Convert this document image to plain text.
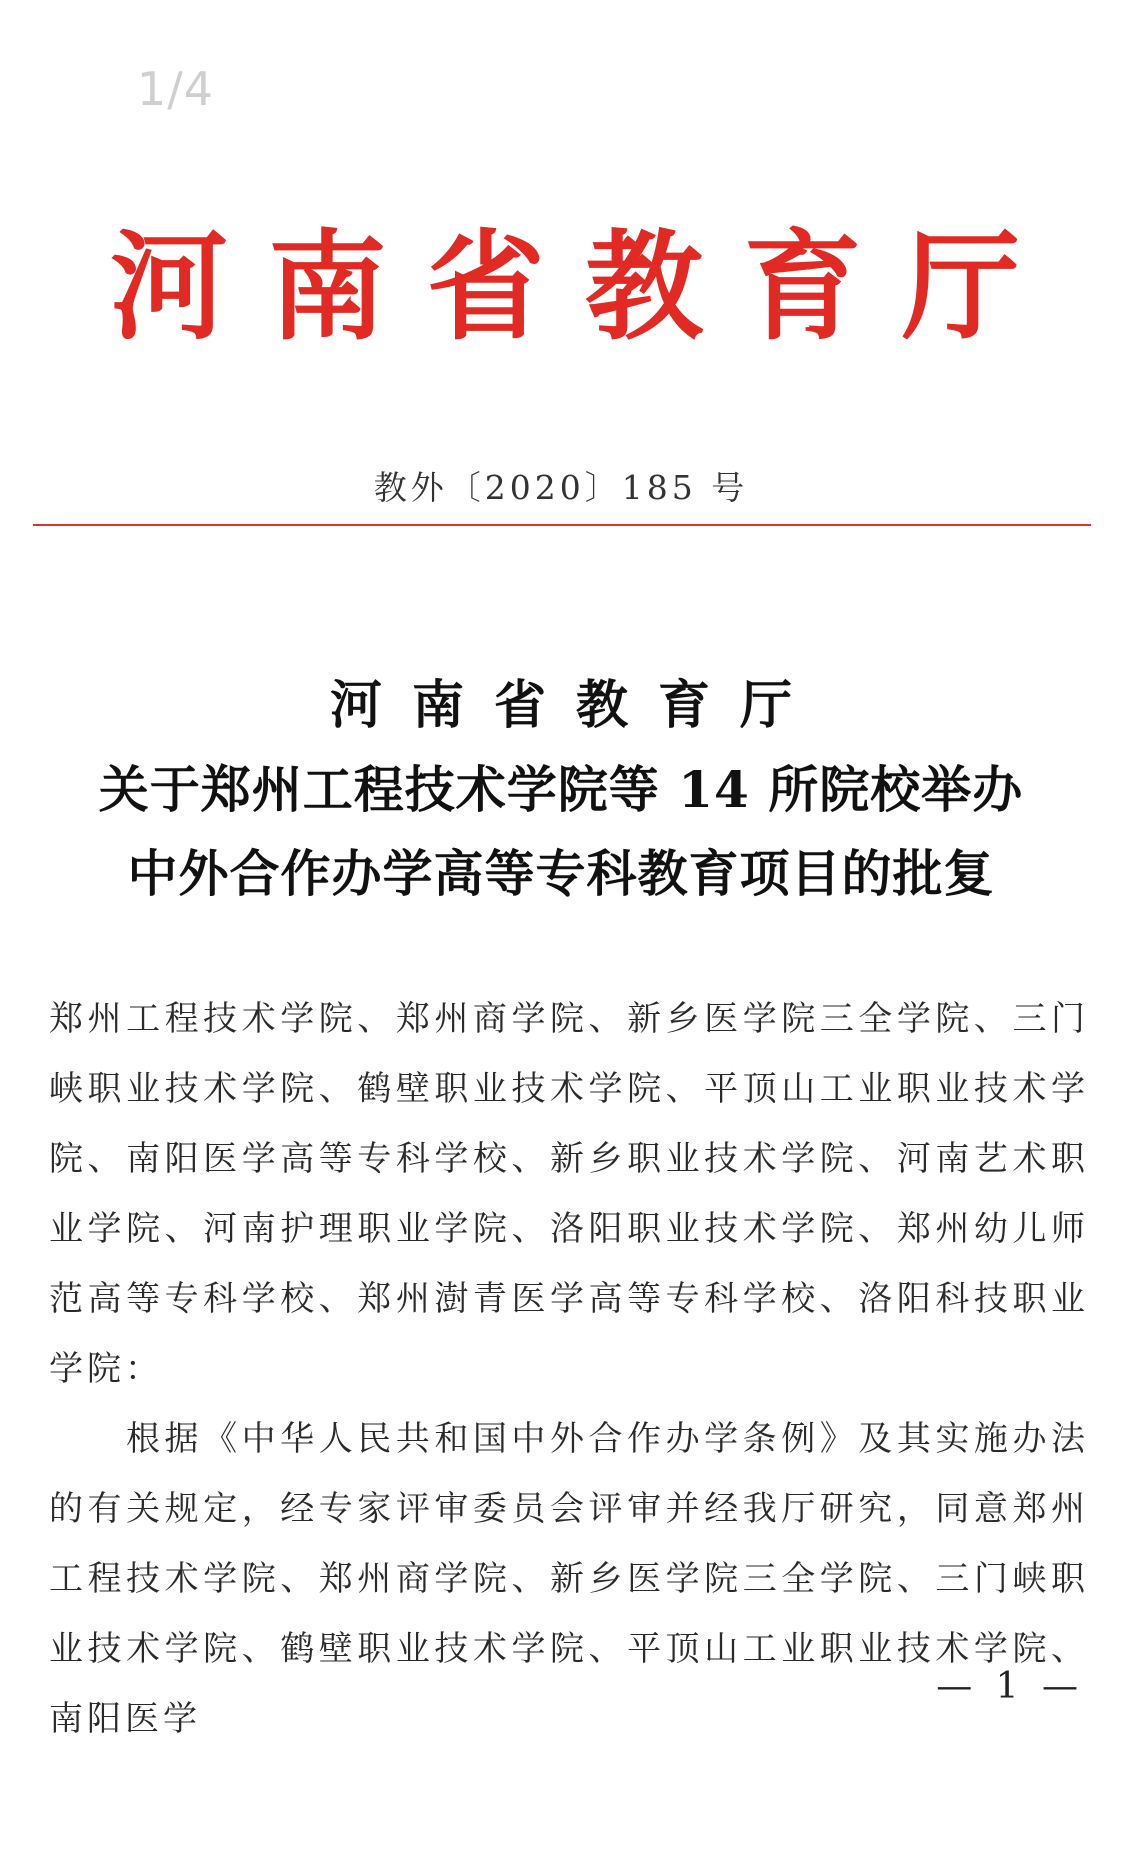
1/4
河 南 省 教 育 厅
教外〔2020〕185 号
河南省教育厅
关于郑州工程技术学院等 14 所院校举办
中外合作办学高等专科教育项目的批复

郑州工程技术学院、郑州商学院、新乡医学院三全学院、三门峡职业技术学院、鹤壁职业技术学院、平顶山工业职业技术学院、南阳医学高等专科学校、新乡职业技术学院、河南艺术职业学院、河南护理职业学院、洛阳职业技术学院、郑州幼儿师范高等专科学校、郑州澍青医学高等专科学校、洛阳科技职业学院：

根据《中华人民共和国中外合作办学条例》及其实施办法的有关规定，经专家评审委员会评审并经我厅研究，同意郑州工程技术学院、郑州商学院、新乡医学院三全学院、三门峡职业技术学院、鹤壁职业技术学院、平顶山工业职业技术学院、南阳医学

— 1 —
